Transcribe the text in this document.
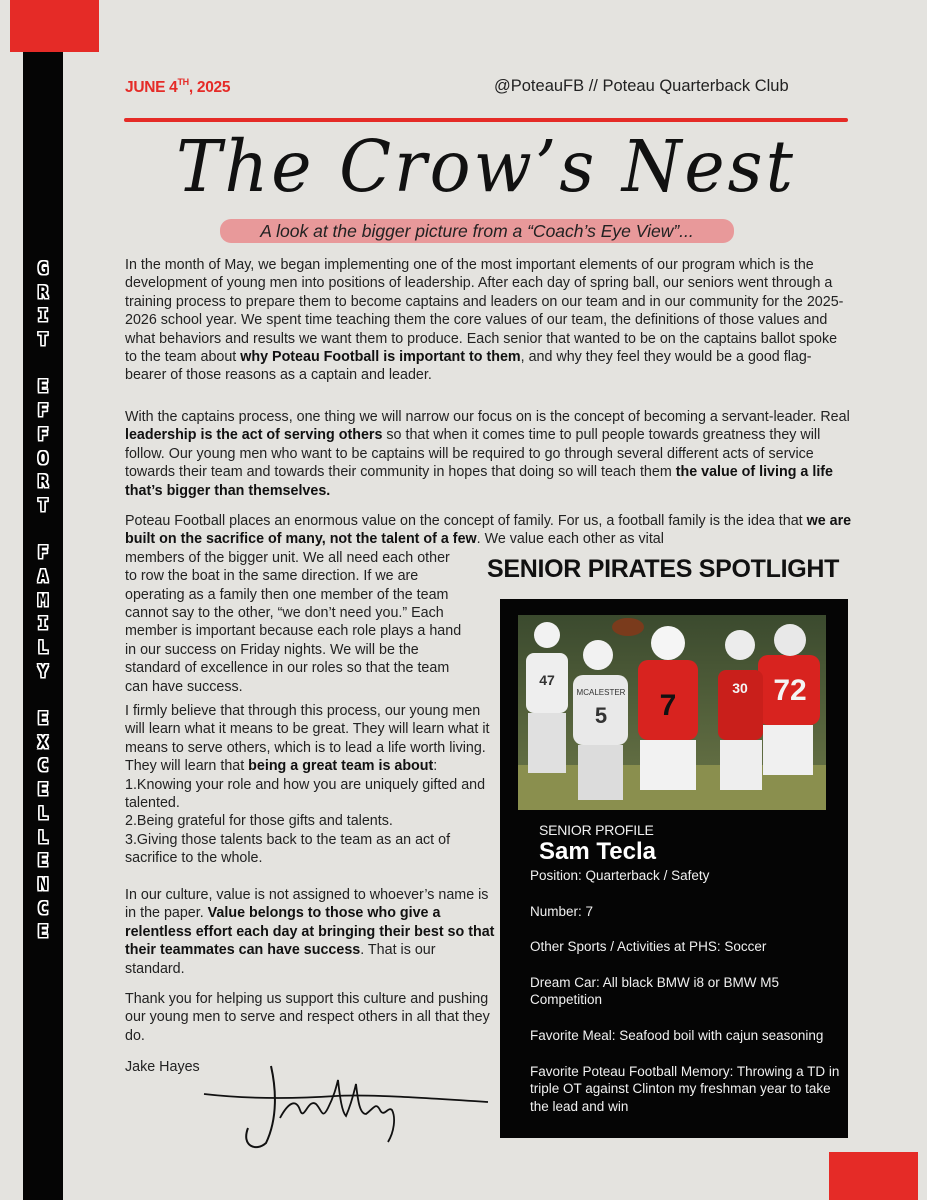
G
R
I
T

E
F
F
O
R
T

F
A
M
I
L
Y

E
X
C
E
L
L
E
N
C
E
JUNE 4TH, 2025	@PoteauFB // Poteau Quarterback Club
The Crow’s Nest
A look at the bigger picture from a “Coach’s Eye View”...

In the month of May, we began implementing one of the most important elements of our program which is the development of young men into positions of leadership. After each day of spring ball, our seniors went through a training process to prepare them to become captains and leaders on our team and in our community for the 2025-2026 school year. We spent time teaching them the core values of our team, the definitions of those values and what behaviors and results we want them to produce. Each senior that wanted to be on the captains ballot spoke to the team about why Poteau Football is important to them, and why they feel they would be a good flag-bearer of those reasons as a captain and leader.

With the captains process, one thing we will narrow our focus on is the concept of becoming a servant-leader. Real leadership is the act of serving others so that when it comes time to pull people towards greatness they will follow. Our young men who want to be captains will be required to go through several different acts of service towards their team and towards their community in hopes that doing so will teach them the value of living a life that’s bigger than themselves.

Poteau Football places an enormous value on the concept of family. For us, a football family is the idea that we are built on the sacrifice of many, not the talent of a few. We value each other as vital
members of the bigger unit. We all need each other to row the boat in the same direction. If we are operating as a family then one member of the team cannot say to the other, “we don’t need you.” Each member is important because each role plays a hand in our success on Friday nights. We will be the standard of excellence in our roles so that the team can have success.
I firmly believe that through this process, our young men will learn what it means to be great. They will learn what it means to serve others, which is to lead a life worth living. They will learn that being a great team is about:
1.Knowing your role and how you are uniquely gifted and talented.
2.Being grateful for those gifts and talents.
3.Giving those talents back to the team as an act of sacrifice to the whole.

In our culture, value is not assigned to whoever’s name is in the paper. Value belongs to those who give a relentless effort each day at bringing their best so that their teammates can have success. That is our standard.

Thank you for helping us support this culture and pushing our young men to serve and respect others in all that they do.

Jake Hayes
SENIOR PIRATES SPOTLIGHT
72
47
MCALESTER
5 7
30
SENIOR PROFILE
Sam Tecla

Position: Quarterback / Safety

Number: 7

Other Sports / Activities at PHS: Soccer

Dream Car: All black BMW i8 or BMW M5 Competition

Favorite Meal: Seafood boil with cajun seasoning

Favorite Poteau Football Memory: Throwing a TD in triple OT against Clinton my freshman year to take the lead and win
